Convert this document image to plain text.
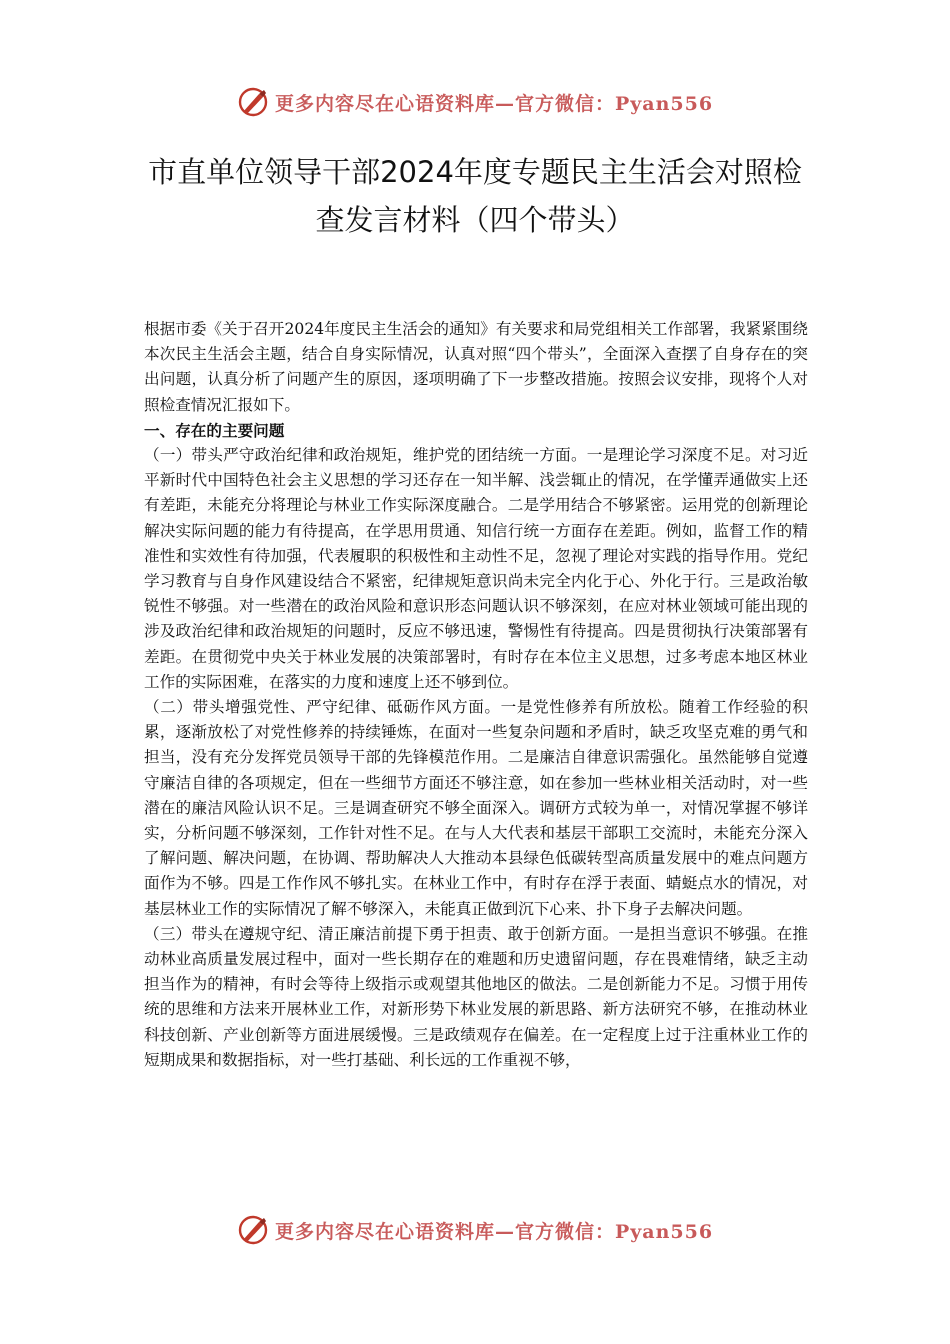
更多内容尽在心语资料库—官方微信：Pyan556
市直单位领导干部2024年度专题民主生活会对照检
查发言材料（四个带头）

根据市委《关于召开2024年度民主生活会的通知》有关要求和局党组相关工作部署，我紧紧围绕本次民主生活会主题，结合自身实际情况，认真对照“四个带头”，全面深入查摆了自身存在的突出问题，认真分析了问题产生的原因，逐项明确了下一步整改措施。按照会议安排，现将个人对照检查情况汇报如下。

一、存在的主要问题

（一）带头严守政治纪律和政治规矩，维护党的团结统一方面。一是理论学习深度不足。对习近平新时代中国特色社会主义思想的学习还存在一知半解、浅尝辄止的情况，在学懂弄通做实上还有差距，未能充分将理论与林业工作实际深度融合。二是学用结合不够紧密。运用党的创新理论解决实际问题的能力有待提高，在学思用贯通、知信行统一方面存在差距。例如，监督工作的精准性和实效性有待加强，代表履职的积极性和主动性不足，忽视了理论对实践的指导作用。党纪学习教育与自身作风建设结合不紧密，纪律规矩意识尚未完全内化于心、外化于行。三是政治敏锐性不够强。对一些潜在的政治风险和意识形态问题认识不够深刻，在应对林业领域可能出现的涉及政治纪律和政治规矩的问题时，反应不够迅速，警惕性有待提高。四是贯彻执行决策部署有差距。在贯彻党中央关于林业发展的决策部署时，有时存在本位主义思想，过多考虑本地区林业工作的实际困难，在落实的力度和速度上还不够到位。

（二）带头增强党性、严守纪律、砥砺作风方面。一是党性修养有所放松。随着工作经验的积累，逐渐放松了对党性修养的持续锤炼，在面对一些复杂问题和矛盾时，缺乏攻坚克难的勇气和担当，没有充分发挥党员领导干部的先锋模范作用。二是廉洁自律意识需强化。虽然能够自觉遵守廉洁自律的各项规定，但在一些细节方面还不够注意，如在参加一些林业相关活动时，对一些潜在的廉洁风险认识不足。三是调查研究不够全面深入。调研方式较为单一，对情况掌握不够详实，分析问题不够深刻，工作针对性不足。在与人大代表和基层干部职工交流时，未能充分深入了解问题、解决问题，在协调、帮助解决人大推动本县绿色低碳转型高质量发展中的难点问题方面作为不够。四是工作作风不够扎实。在林业工作中，有时存在浮于表面、蜻蜓点水的情况，对基层林业工作的实际情况了解不够深入，未能真正做到沉下心来、扑下身子去解决问题。

（三）带头在遵规守纪、清正廉洁前提下勇于担责、敢于创新方面。一是担当意识不够强。在推动林业高质量发展过程中，面对一些长期存在的难题和历史遗留问题，存在畏难情绪，缺乏主动担当作为的精神，有时会等待上级指示或观望其他地区的做法。二是创新能力不足。习惯于用传统的思维和方法来开展林业工作，对新形势下林业发展的新思路、新方法研究不够，在推动林业科技创新、产业创新等方面进展缓慢。三是政绩观存在偏差。在一定程度上过于注重林业工作的短期成果和数据指标，对一些打基础、利长远的工作重视不够，

更多内容尽在心语资料库—官方微信：Pyan556
